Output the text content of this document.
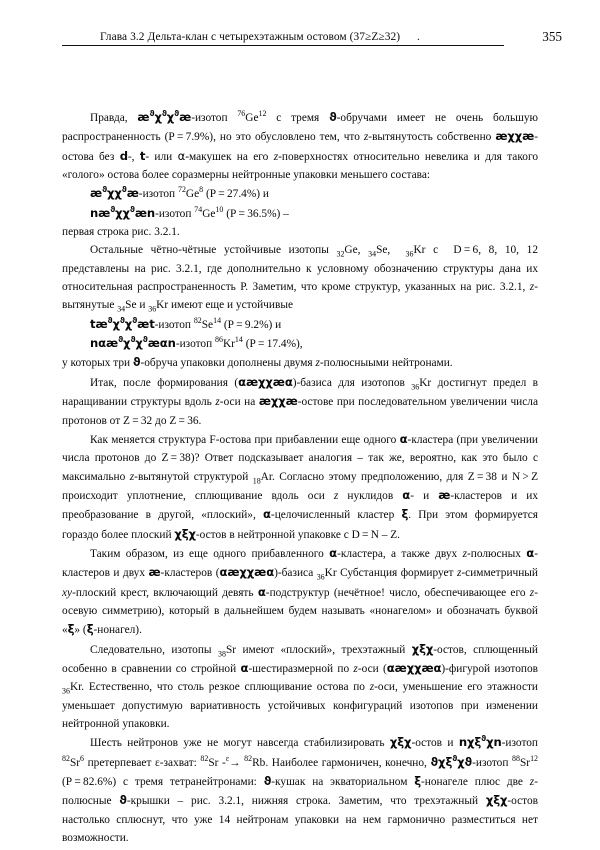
Глава 3.2 Дельта-клан с четырехэтажным остовом (37≥Z≥32)	.	355

Правда, $æ^ϑ\chi^ϑ\chi^ϑæ$-изотоп $^{76}$Ge$^{12}$ с тремя ϑ-обручами имеет не очень большую распространенность (P = 7.9%), но это обусловлено тем, что z-вытянутость собственно æχχæ-остова без d-, t- или α-макушек на его z-поверхностях относительно невелика и для такого «голого» остова более соразмерны нейтронные упаковки меньшего состава:

$æ^ϑ\chi\chi^ϑæ$-изотоп $^{72}$Ge$^8$ (P = 27.4%) и

$næ^ϑ\chi\chi^ϑæn$-изотоп $^{74}$Ge$^{10}$ (P = 36.5%) –

первая строка рис. 3.2.1.

Остальные чётно-чётные устойчивые изотопы $_{32}$Ge, $_{34}$Se,  $_{36}$Kr с  D = 6, 8, 10, 12 представлены на рис. 3.2.1, где дополнительно к условному обозначению структуры дана их относительная распространенность P. Заметим, что кроме структур, указанных на рис. 3.2.1, z-вытянутые $_{34}$Se и $_{36}$Kr имеют еще и устойчивые

$tæ^ϑ\chi^ϑ\chi^ϑæt$-изотоп $^{82}$Se$^{14}$ (P = 9.2%) и

$n\alpha æ^ϑ\chi^ϑ\chi^ϑæ\alpha n$-изотоп $^{86}$Kr$^{14}$ (P = 17.4%),

у которых три ϑ-обруча упаковки дополнены двумя z-полюсныыми нейтронами.

Итак, после формирования (αæχχæα)-базиса для изотопов $_{36}$Kr достигнут предел в наращивании структуры вдоль z-оси на æχχæ-остове при последовательном увеличении числа протонов от Z = 32 до Z = 36.

Как меняется структура F-остова при прибавлении еще одного α-кластера (при увеличении числа протонов до Z = 38)? Ответ подсказывает аналогия – так же, вероятно, как это было с максимально z-вытянутой структурой $_{18}$Ar. Согласно этому предположению, для Z = 38 и N > Z происходит уплотнение, сплющивание вдоль оси z нуклидов α- и æ-кластеров и их преобразование в другой, «плоский», α-целочисленный кластер ξ. При этом формируется гораздо более плоский χξχ-остов в нейтронной упаковке с D = N – Z.

Таким образом, из еще одного прибавленного α-кластера, а также двух z-полюсных α-кластеров и двух æ-кластеров (αæχχæα)-базиса $_{36}$Kr Субстанция формирует z-симметричный xy-плоский крест, включающий девять α-подструктур (нечётное! число, обеспечивающее его z-осевую симметрию), который в дальнейшем будем называть «нонагелом» и обозначать буквой «ξ» (ξ-нонагел).

Следовательно, изотопы $_{38}$Sr имеют «плоский», трехэтажный χξχ-остов, сплющенный особенно в сравнении со стройной α-шестиразмерной по z-оси (αæχχæα)-фигурой изотопов $_{36}$Kr. Естественно, что столь резкое сплющивание остова по z-оси, уменьшение его этажности уменьшает допустимую вариативность устойчивых конфигураций изотопов при изменении нейтронной упаковки.

Шесть нейтронов уже не могут навсегда стабилизировать χξχ-остов и nχξ$^ϑ$χn-изотоп $^{82}$Sr$^6$ претерпевает ε-захват: $^{82}$Sr -$^\varepsilon$→ $^{82}$Rb. Наиболее гармоничен, конечно, ϑχξ$^ϑ$χϑ-изотоп $^{88}$Sr$^{12}$ (P = 82.6%) с тремя тетранейтронами: ϑ-кушак на экваториальном ξ-нонагеле плюс две z-полюсные ϑ-крышки – рис. 3.2.1, нижняя строка. Заметим, что трехэтажный χξχ-остов настолько сплюснут, что уже 14 нейтронам упаковки на нем гармонично разместиться нет возможности.
